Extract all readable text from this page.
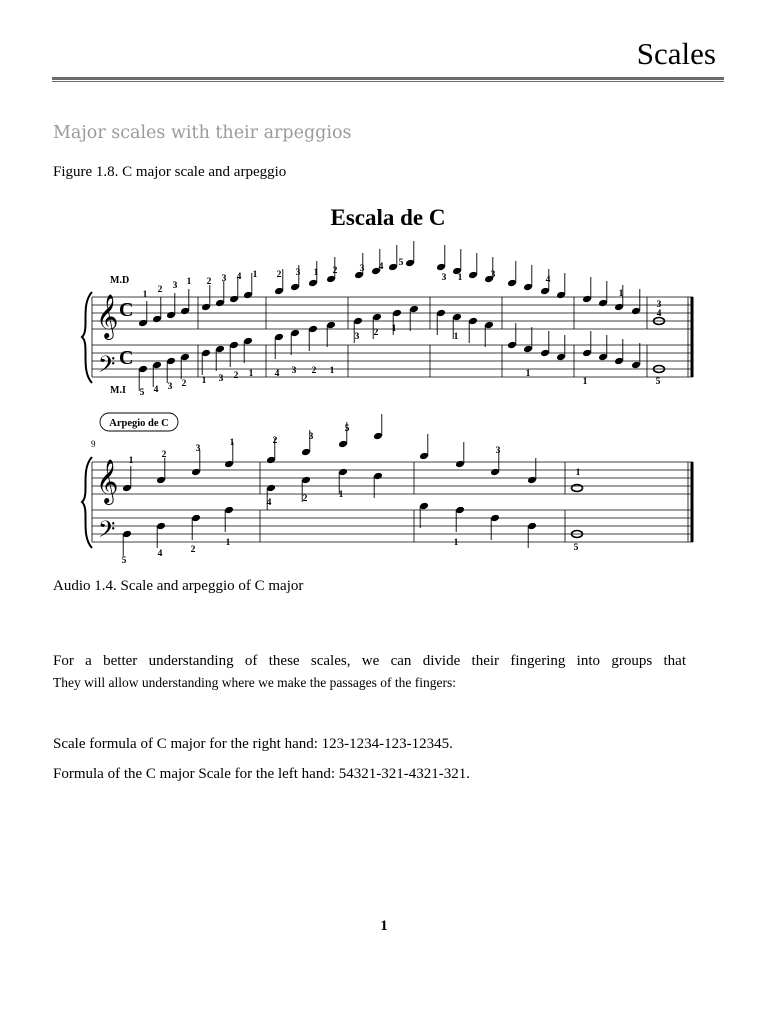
Scales
Major scales with their arpeggios
Figure 1.8. C major scale and arpeggio
Escala de C
M.D
M.I
1 2 3 1 2 3 4 1 2 3 1 2 3 4 5
3	4
1
3 2 1
1
3
4
3 1
5 4 3 2 1 3 2 1 4 3 2 1	1
1	5
𝄞
𝄢
C
C
Arpegio de C
9
1
2
3
1	2	3
5
4	2	1
3
1
5
4	2
1	1	5
𝄞
𝄢
Audio 1.4. Scale and arpeggio of C major
For a better understanding of these scales, we can divide their fingering into groups that
They will allow understanding where we make the passages of the fingers:
Scale formula of C major for the right hand: 123-1234-123-12345.
Formula of the C major Scale for the left hand: 54321-321-4321-321.
1
